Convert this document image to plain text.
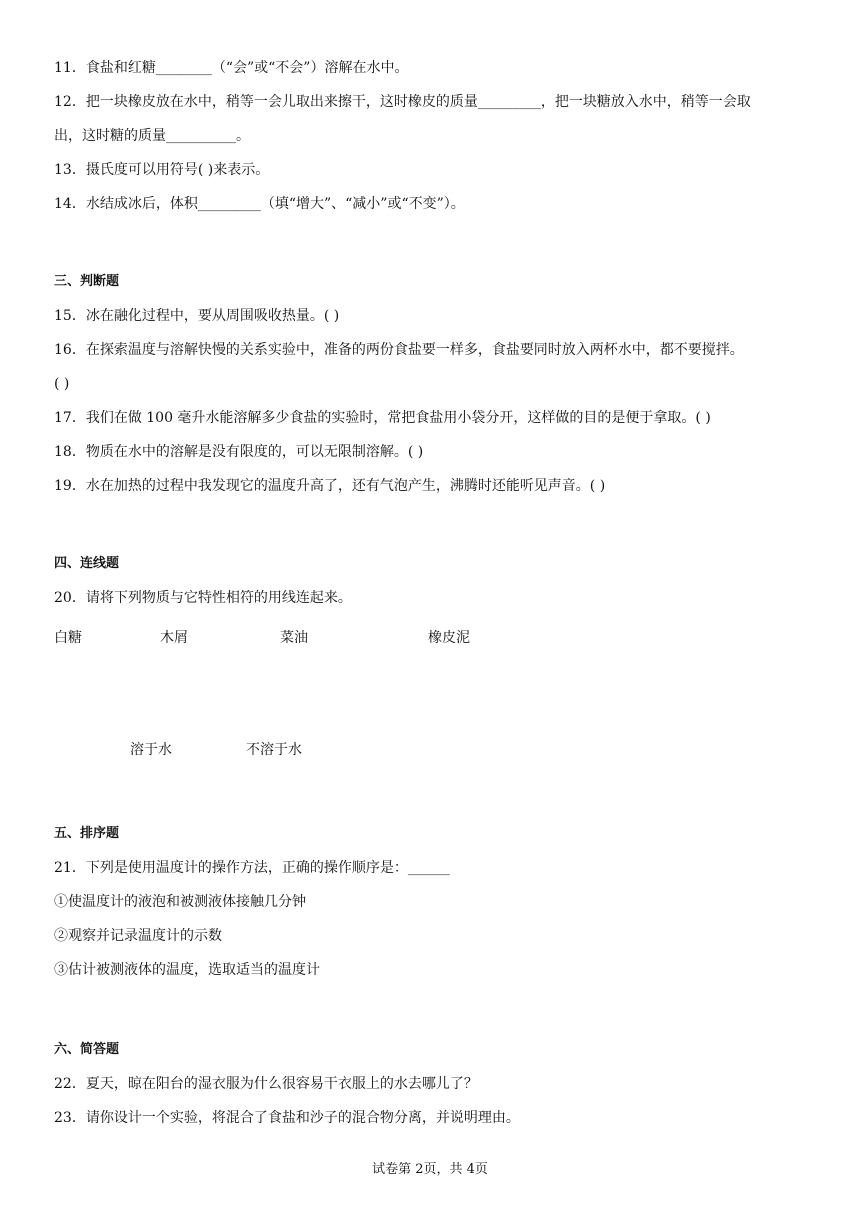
11．食盐和红糖________（“会”或“不会”）溶解在水中。
12．把一块橡皮放在水中，稍等一会儿取出来擦干，这时橡皮的质量_________，把一块糖放入水中，稍等一会取
出，这时糖的质量__________。
13．摄氏度可以用符号( )来表示。
14．水结成冰后，体积_________（填“增大”、“减小”或“不变”）。
三、判断题
15．冰在融化过程中，要从周围吸收热量。( )
16．在探索温度与溶解快慢的关系实验中，准备的两份食盐要一样多，食盐要同时放入两杯水中，都不要搅拌。
( )
17．我们在做 100 毫升水能溶解多少食盐的实验时，常把食盐用小袋分开，这样做的目的是便于拿取。( )
18．物质在水中的溶解是没有限度的，可以无限制溶解。( )
19．水在加热的过程中我发现它的温度升高了，还有气泡产生，沸腾时还能听见声音。( )
四、连线题
20．请将下列物质与它特性相符的用线连起来。
白糖	木屑	菜油	橡皮泥
溶于水	不溶于水
五、排序题
21．下列是使用温度计的操作方法，正确的操作顺序是：______
①使温度计的液泡和被测液体接触几分钟
②观察并记录温度计的示数
③估计被测液体的温度，选取适当的温度计
六、简答题
22．夏天，晾在阳台的湿衣服为什么很容易干衣服上的水去哪儿了？
23．请你设计一个实验，将混合了食盐和沙子的混合物分离，并说明理由。
试卷第 2页，共 4页
